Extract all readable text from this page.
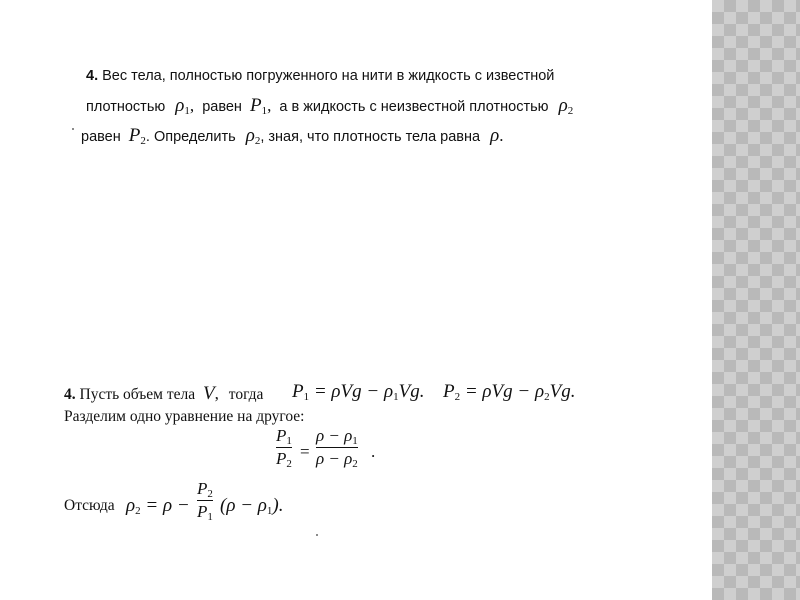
4. Вес тела, полностью погруженного на нити в жидкость с известной
плотностью $\rho_1$, равен $P_1$, а в жидкость с неизвестной плотностью $\rho_2$
равен $P_2$. Определить $\rho_2$, зная, что плотность тела равна ρ.
4. Пусть объем тела V, тогда $P_1 = \rho Vg - \rho_1Vg$. $P_2 = \rho Vg - \rho_2Vg$.
Разделим одно уравнение на другое:
$P_1$
$P_2$
=
$\rho - \rho_1$
$\rho - \rho_2$
.
Отсюда $\rho_2 = \rho$ −
$P_2$
$P_1$
$(\rho - \rho_1)$.
